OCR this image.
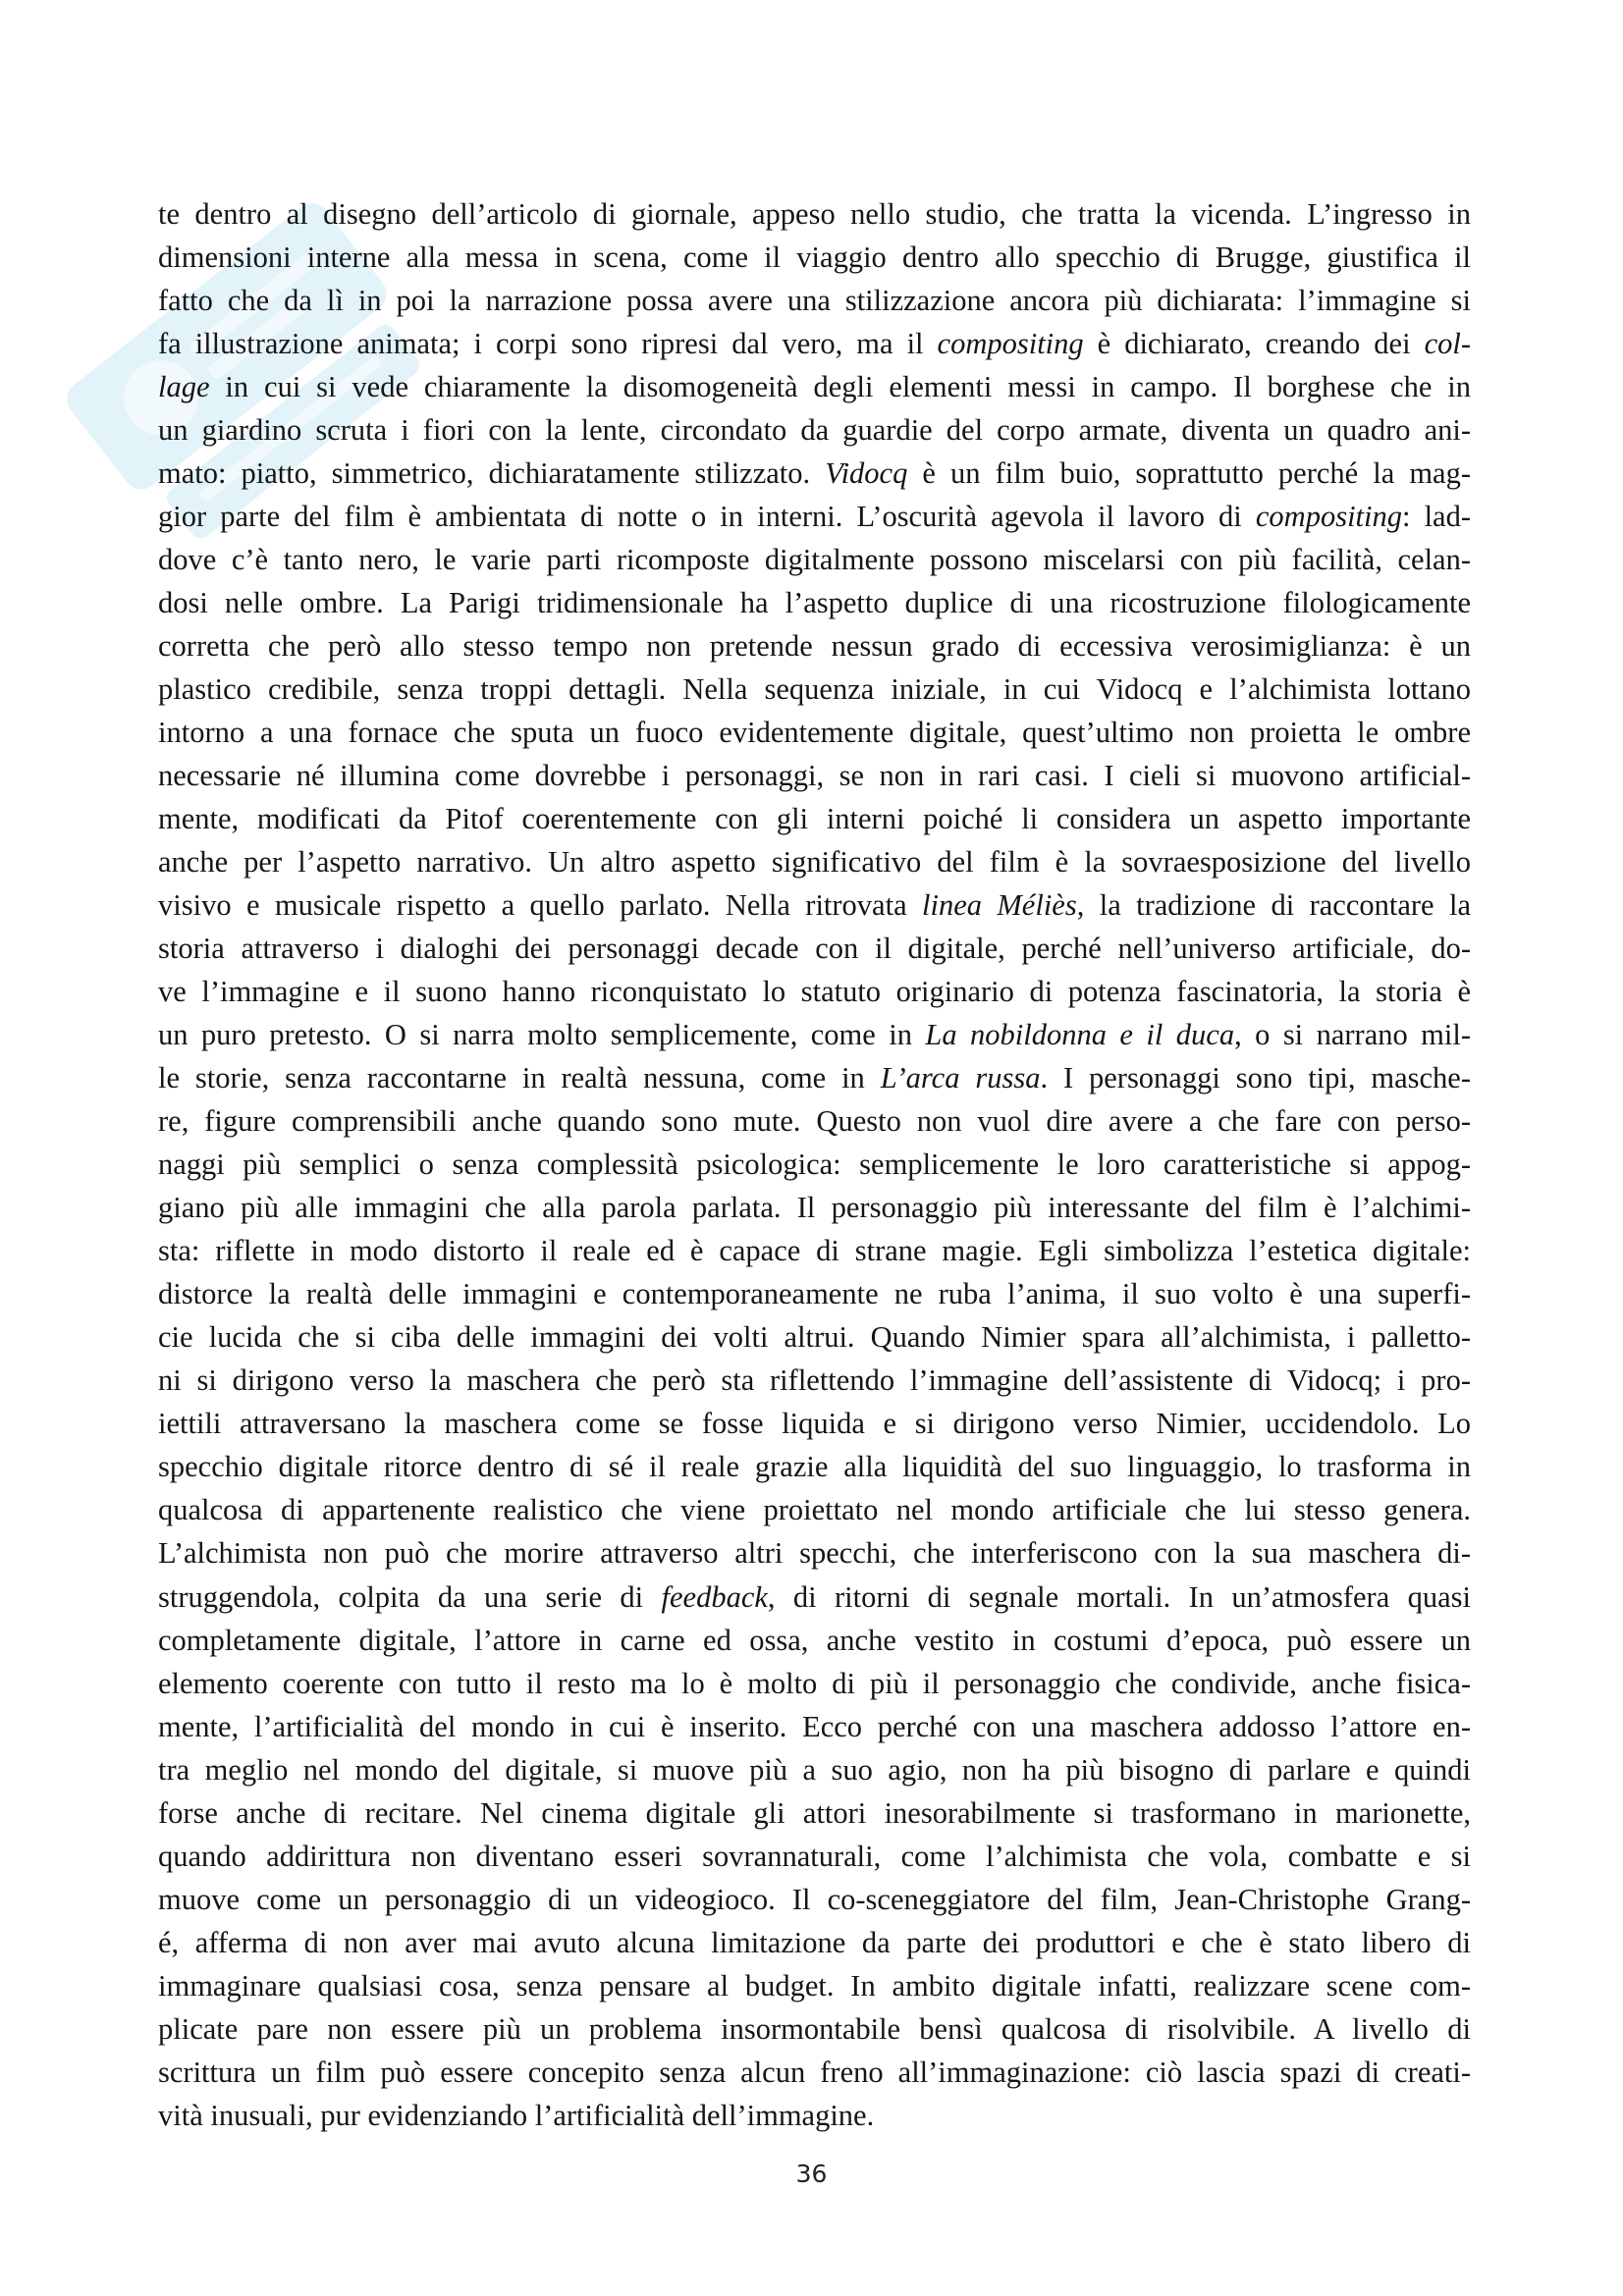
te dentro al disegno dell’articolo di giornale, appeso nello studio, che tratta la vicenda. L’ingresso in
dimensioni interne alla messa in scena, come il viaggio dentro allo specchio di Brugge, giustifica il
fatto che da lì in poi la narrazione possa avere una stilizzazione ancora più dichiarata: l’immagine si
fa illustrazione animata; i corpi sono ripresi dal vero, ma il compositing è dichiarato, creando dei col-
lage in cui si vede chiaramente la disomogeneità degli elementi messi in campo. Il borghese che in
un giardino scruta i fiori con la lente, circondato da guardie del corpo armate, diventa un quadro ani-
mato: piatto, simmetrico, dichiaratamente stilizzato. Vidocq è un film buio, soprattutto perché la mag-
gior parte del film è ambientata di notte o in interni. L’oscurità agevola il lavoro di compositing: lad-
dove c’è tanto nero, le varie parti ricomposte digitalmente possono miscelarsi con più facilità, celan-
dosi nelle ombre. La Parigi tridimensionale ha l’aspetto duplice di una ricostruzione filologicamente
corretta che però allo stesso tempo non pretende nessun grado di eccessiva verosimiglianza: è un
plastico credibile, senza troppi dettagli. Nella sequenza iniziale, in cui Vidocq e l’alchimista lottano
intorno a una fornace che sputa un fuoco evidentemente digitale, quest’ultimo non proietta le ombre
necessarie né illumina come dovrebbe i personaggi, se non in rari casi. I cieli si muovono artificial-
mente, modificati da Pitof coerentemente con gli interni poiché li considera un aspetto importante
anche per l’aspetto narrativo. Un altro aspetto significativo del film è la sovraesposizione del livello
visivo e musicale rispetto a quello parlato. Nella ritrovata linea Méliès, la tradizione di raccontare la
storia attraverso i dialoghi dei personaggi decade con il digitale, perché nell’universo artificiale, do-
ve l’immagine e il suono hanno riconquistato lo statuto originario di potenza fascinatoria, la storia è
un puro pretesto. O si narra molto semplicemente, come in La nobildonna e il duca, o si narrano mil-
le storie, senza raccontarne in realtà nessuna, come in L’arca russa. I personaggi sono tipi, masche-
re, figure comprensibili anche quando sono mute. Questo non vuol dire avere a che fare con perso-
naggi più semplici o senza complessità psicologica: semplicemente le loro caratteristiche si appog-
giano più alle immagini che alla parola parlata. Il personaggio più interessante del film è l’alchimi-
sta: riflette in modo distorto il reale ed è capace di strane magie. Egli simbolizza l’estetica digitale:
distorce la realtà delle immagini e contemporaneamente ne ruba l’anima, il suo volto è una superfi-
cie lucida che si ciba delle immagini dei volti altrui. Quando Nimier spara all’alchimista, i palletto-
ni si dirigono verso la maschera che però sta riflettendo l’immagine dell’assistente di Vidocq; i pro-
iettili attraversano la maschera come se fosse liquida e si dirigono verso Nimier, uccidendolo. Lo
specchio digitale ritorce dentro di sé il reale grazie alla liquidità del suo linguaggio, lo trasforma in
qualcosa di appartenente realistico che viene proiettato nel mondo artificiale che lui stesso genera.
L’alchimista non può che morire attraverso altri specchi, che interferiscono con la sua maschera di-
struggendola, colpita da una serie di feedback, di ritorni di segnale mortali. In un’atmosfera quasi
completamente digitale, l’attore in carne ed ossa, anche vestito in costumi d’epoca, può essere un
elemento coerente con tutto il resto ma lo è molto di più il personaggio che condivide, anche fisica-
mente, l’artificialità del mondo in cui è inserito. Ecco perché con una maschera addosso l’attore en-
tra meglio nel mondo del digitale, si muove più a suo agio, non ha più bisogno di parlare e quindi
forse anche di recitare. Nel cinema digitale gli attori inesorabilmente si trasformano in marionette,
quando addirittura non diventano esseri sovrannaturali, come l’alchimista che vola, combatte e si
muove come un personaggio di un videogioco. Il co-sceneggiatore del film, Jean-Christophe Grang-
é, afferma di non aver mai avuto alcuna limitazione da parte dei produttori e che è stato libero di
immaginare qualsiasi cosa, senza pensare al budget. In ambito digitale infatti, realizzare scene com-
plicate pare non essere più un problema insormontabile bensì qualcosa di risolvibile. A livello di
scrittura un film può essere concepito senza alcun freno all’immaginazione: ciò lascia spazi di creati-
vità inusuali, pur evidenziando l’artificialità dell’immagine.
36
